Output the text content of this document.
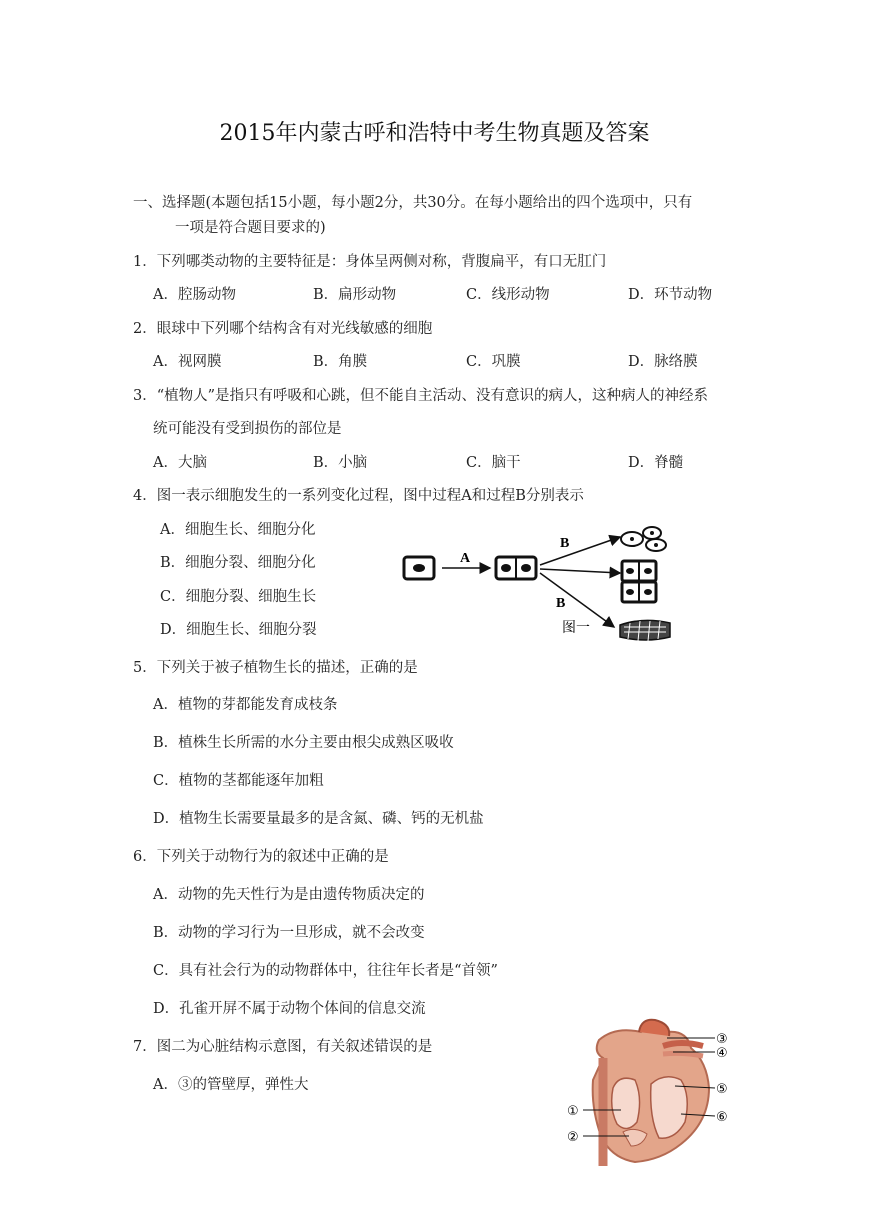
2015年内蒙古呼和浩特中考生物真题及答案
一、选择题(本题包括15小题，每小题2分，共30分。在每小题给出的四个选项中，只有
一项是符合题目要求的)
1．下列哪类动物的主要特征是：身体呈两侧对称，背腹扁平，有口无肛门
A．腔肠动物	B．扁形动物	C．线形动物	D．环节动物
2．眼球中下列哪个结构含有对光线敏感的细胞
A．视网膜	B．角膜	C．巩膜	D．脉络膜
3．“植物人”是指只有呼吸和心跳，但不能自主活动、没有意识的病人，这种病人的神经系
统可能没有受到损伤的部位是
A．大脑	B．小脑	C．脑干	D．脊髓
4．图一表示细胞发生的一系列变化过程，图中过程A和过程B分别表示
A．细胞生长、细胞分化
B．细胞分裂、细胞分化
C．细胞分裂、细胞生长
D．细胞生长、细胞分裂
A
B
B
图一
5．下列关于被子植物生长的描述，正确的是
A．植物的芽都能发育成枝条
B．植株生长所需的水分主要由根尖成熟区吸收
C．植物的茎都能逐年加粗
D．植物生长需要量最多的是含氮、磷、钙的无机盐
6．下列关于动物行为的叙述中正确的是
A．动物的先天性行为是由遗传物质决定的
B．动物的学习行为一旦形成，就不会改变
C．具有社会行为的动物群体中，往往年长者是“首领”
D．孔雀开屏不属于动物个体间的信息交流
7．图二为心脏结构示意图，有关叙述错误的是
A．③的管壁厚，弹性大
③
④
⑤
⑥
①
②
